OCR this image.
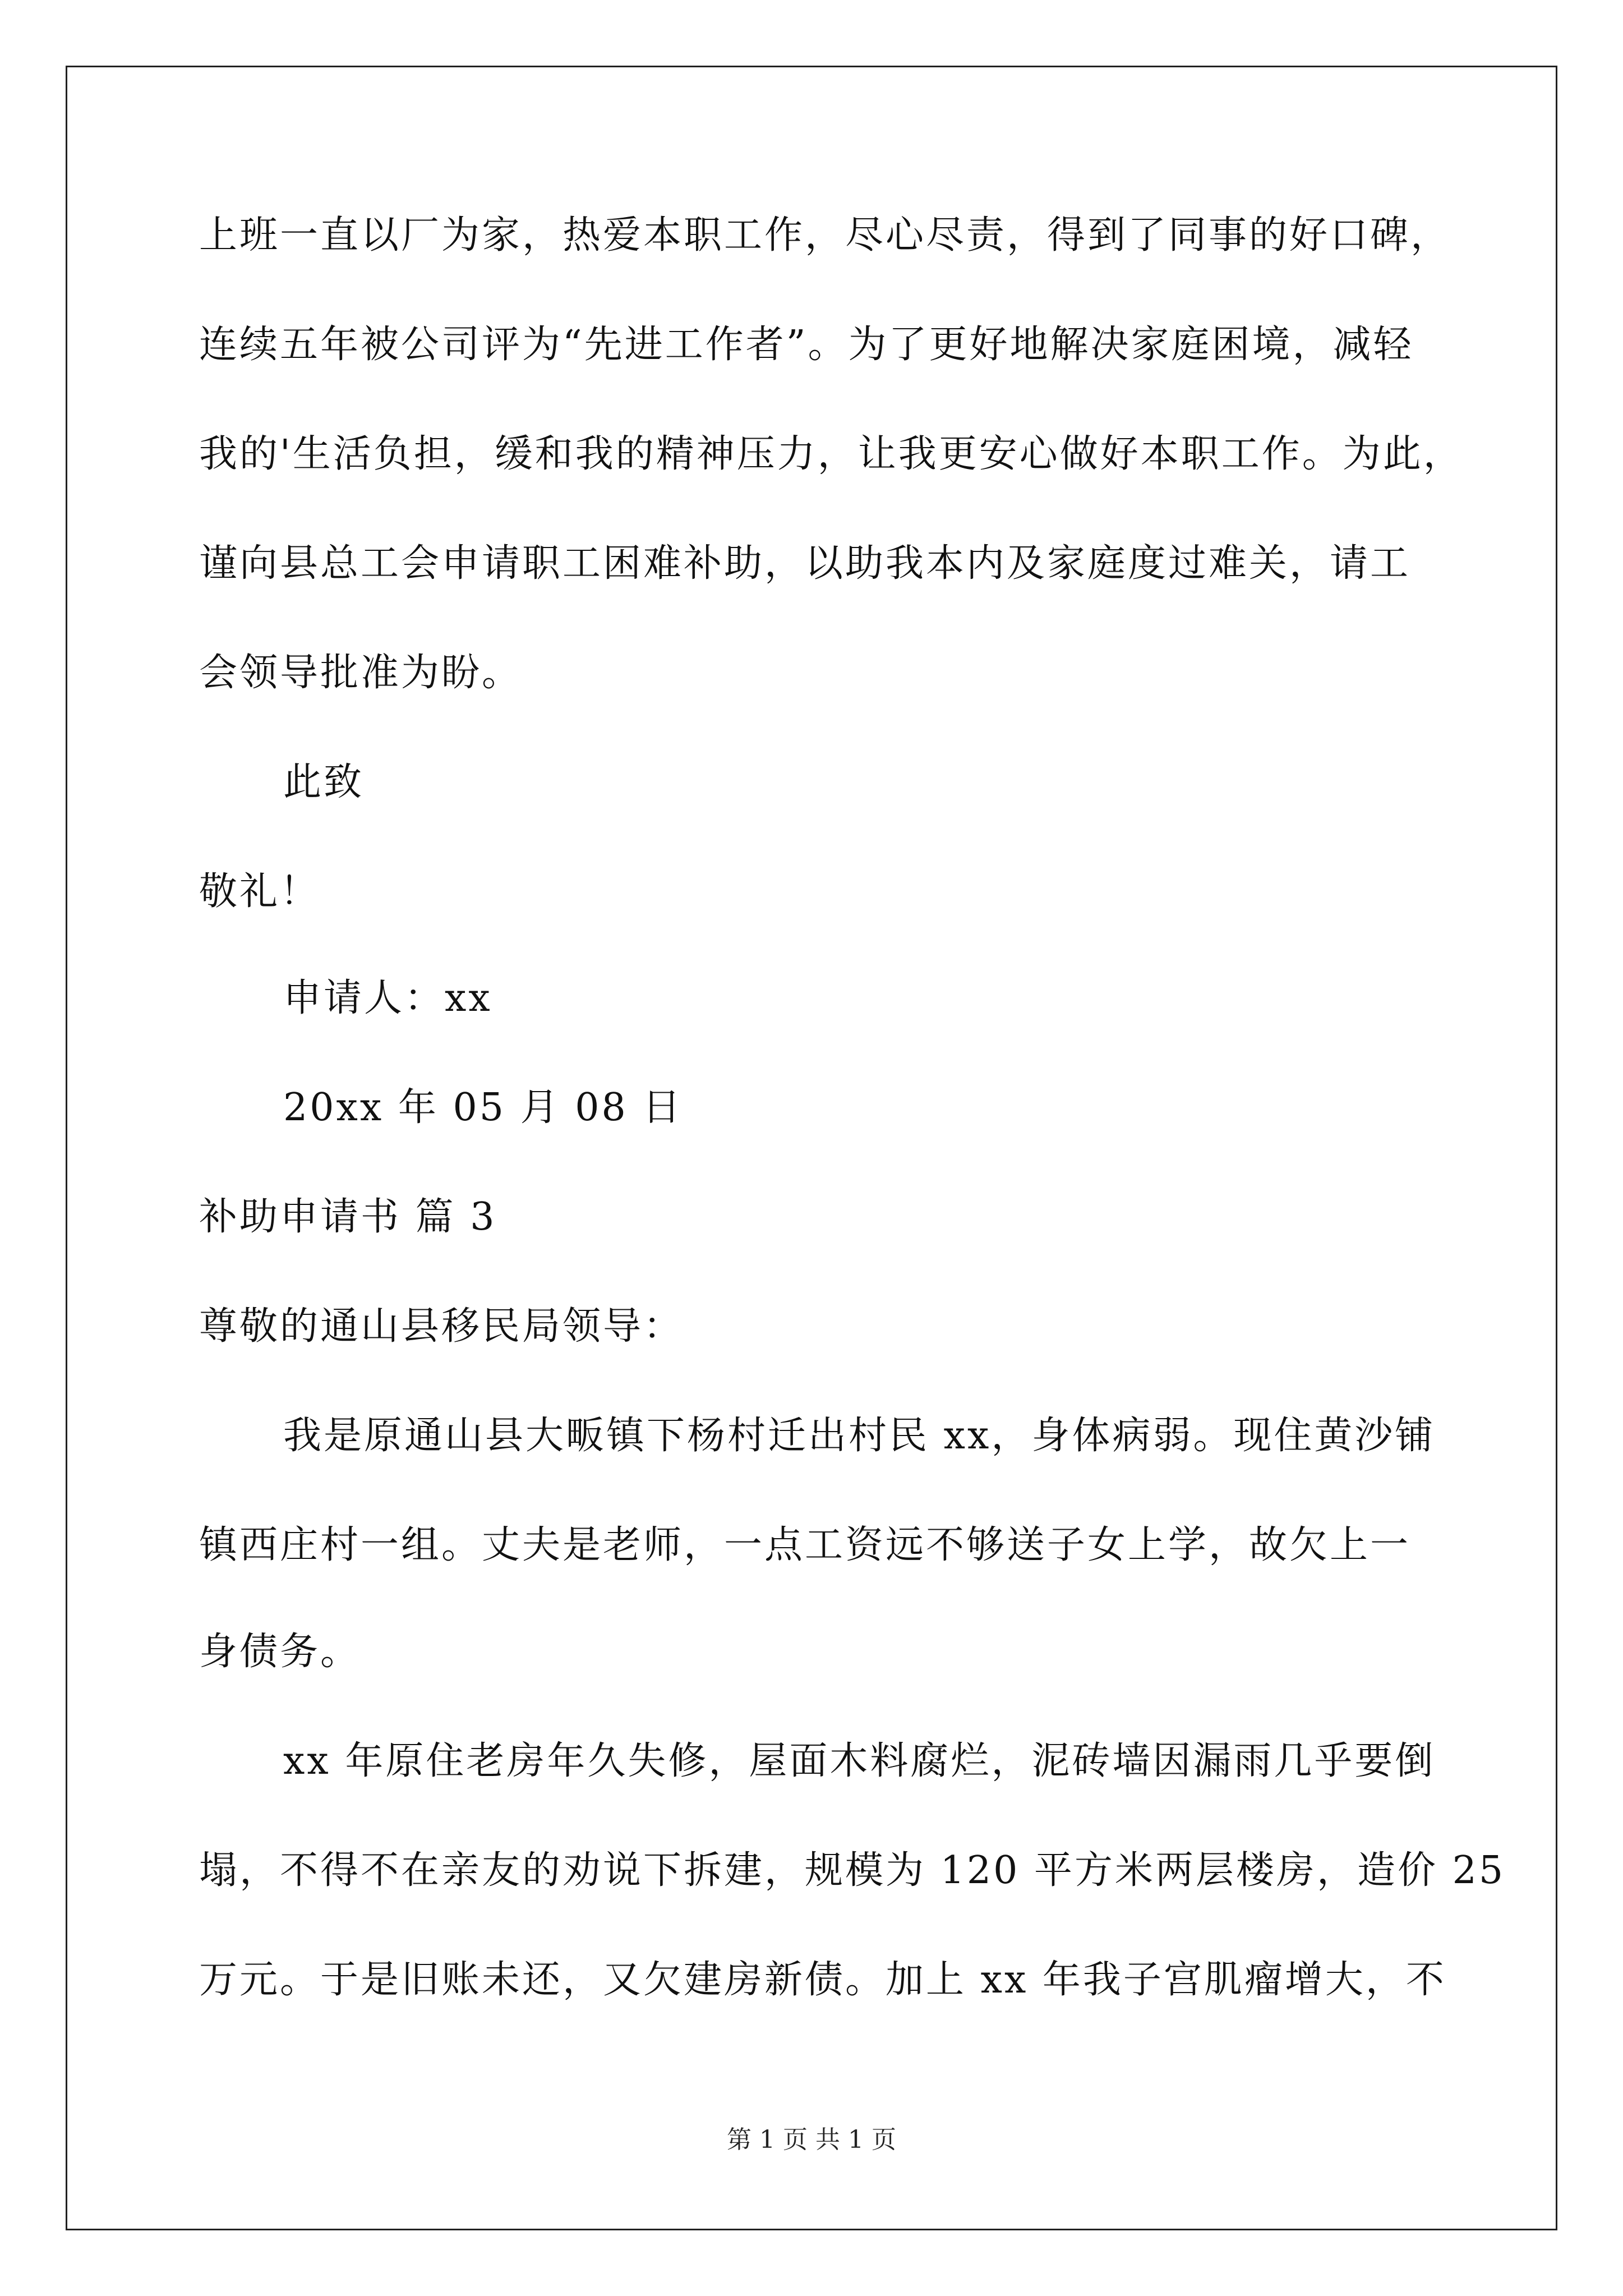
上班一直以厂为家，热爱本职工作，尽心尽责，得到了同事的好口碑，
连续五年被公司评为“先进工作者”。为了更好地解决家庭困境，减轻
我的'生活负担，缓和我的精神压力，让我更安心做好本职工作。为此，
谨向县总工会申请职工困难补助，以助我本内及家庭度过难关，请工
会领导批准为盼。
此致
敬礼！
申请人：xx
20xx 年 05 月 08 日
补助申请书 篇 3
尊敬的通山县移民局领导：
我是原通山县大畈镇下杨村迁出村民 xx，身体病弱。现住黄沙铺
镇西庄村一组。丈夫是老师，一点工资远不够送子女上学，故欠上一
身债务。
xx 年原住老房年久失修，屋面木料腐烂，泥砖墙因漏雨几乎要倒
塌，不得不在亲友的劝说下拆建，规模为 120 平方米两层楼房，造价 25
万元。于是旧账未还，又欠建房新债。加上 xx 年我子宫肌瘤增大，不
第 1 页 共 1 页
